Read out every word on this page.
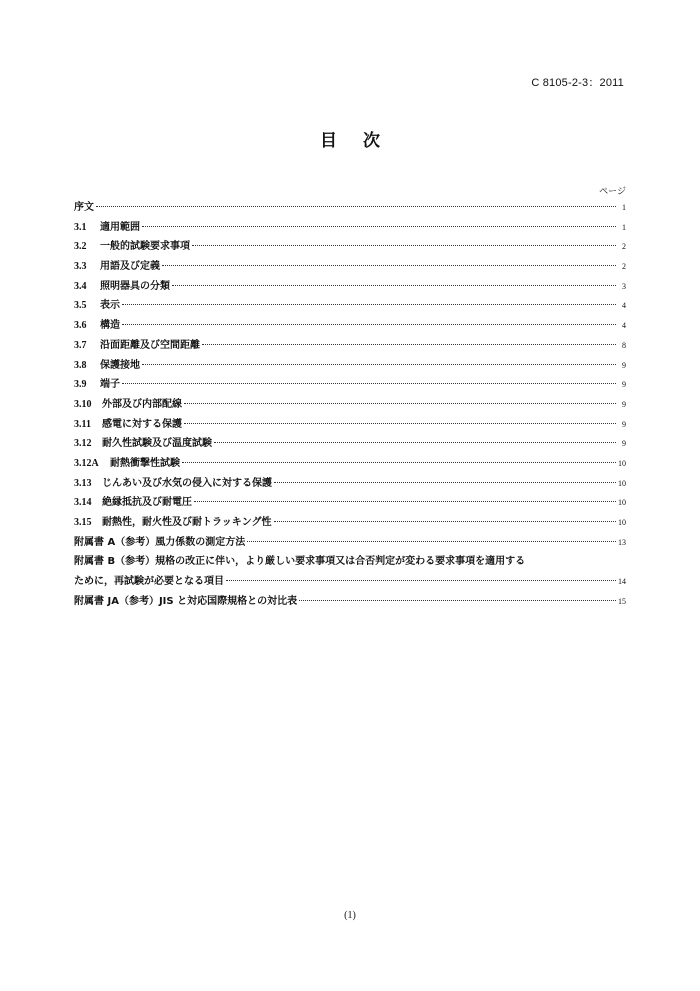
C 8105-2-3：2011
目 次
ページ
序文	1
3.1	適用範囲	1
3.2	一般的試験要求事項	2
3.3	用語及び定義	2
3.4	照明器具の分類	3
3.5	表示	4
3.6	構造	4
3.7	沿面距離及び空間距離	8
3.8	保護接地	9
3.9	端子	9
3.10	外部及び内部配線	9
3.11	感電に対する保護	9
3.12	耐久性試験及び温度試験	9
3.12A	耐熱衝撃性試験	10
3.13	じんあい及び水気の侵入に対する保護	10
3.14	絶縁抵抗及び耐電圧	10
3.15	耐熱性，耐火性及び耐トラッキング性	10
附属書 A（参考）風力係数の測定方法	13
附属書 B（参考）規格の改正に伴い，より厳しい要求事項又は合否判定が変わる要求事項を適用する
ために，再試験が必要となる項目	14
附属書 JA（参考）JIS と対応国際規格との対比表	15
(1)
